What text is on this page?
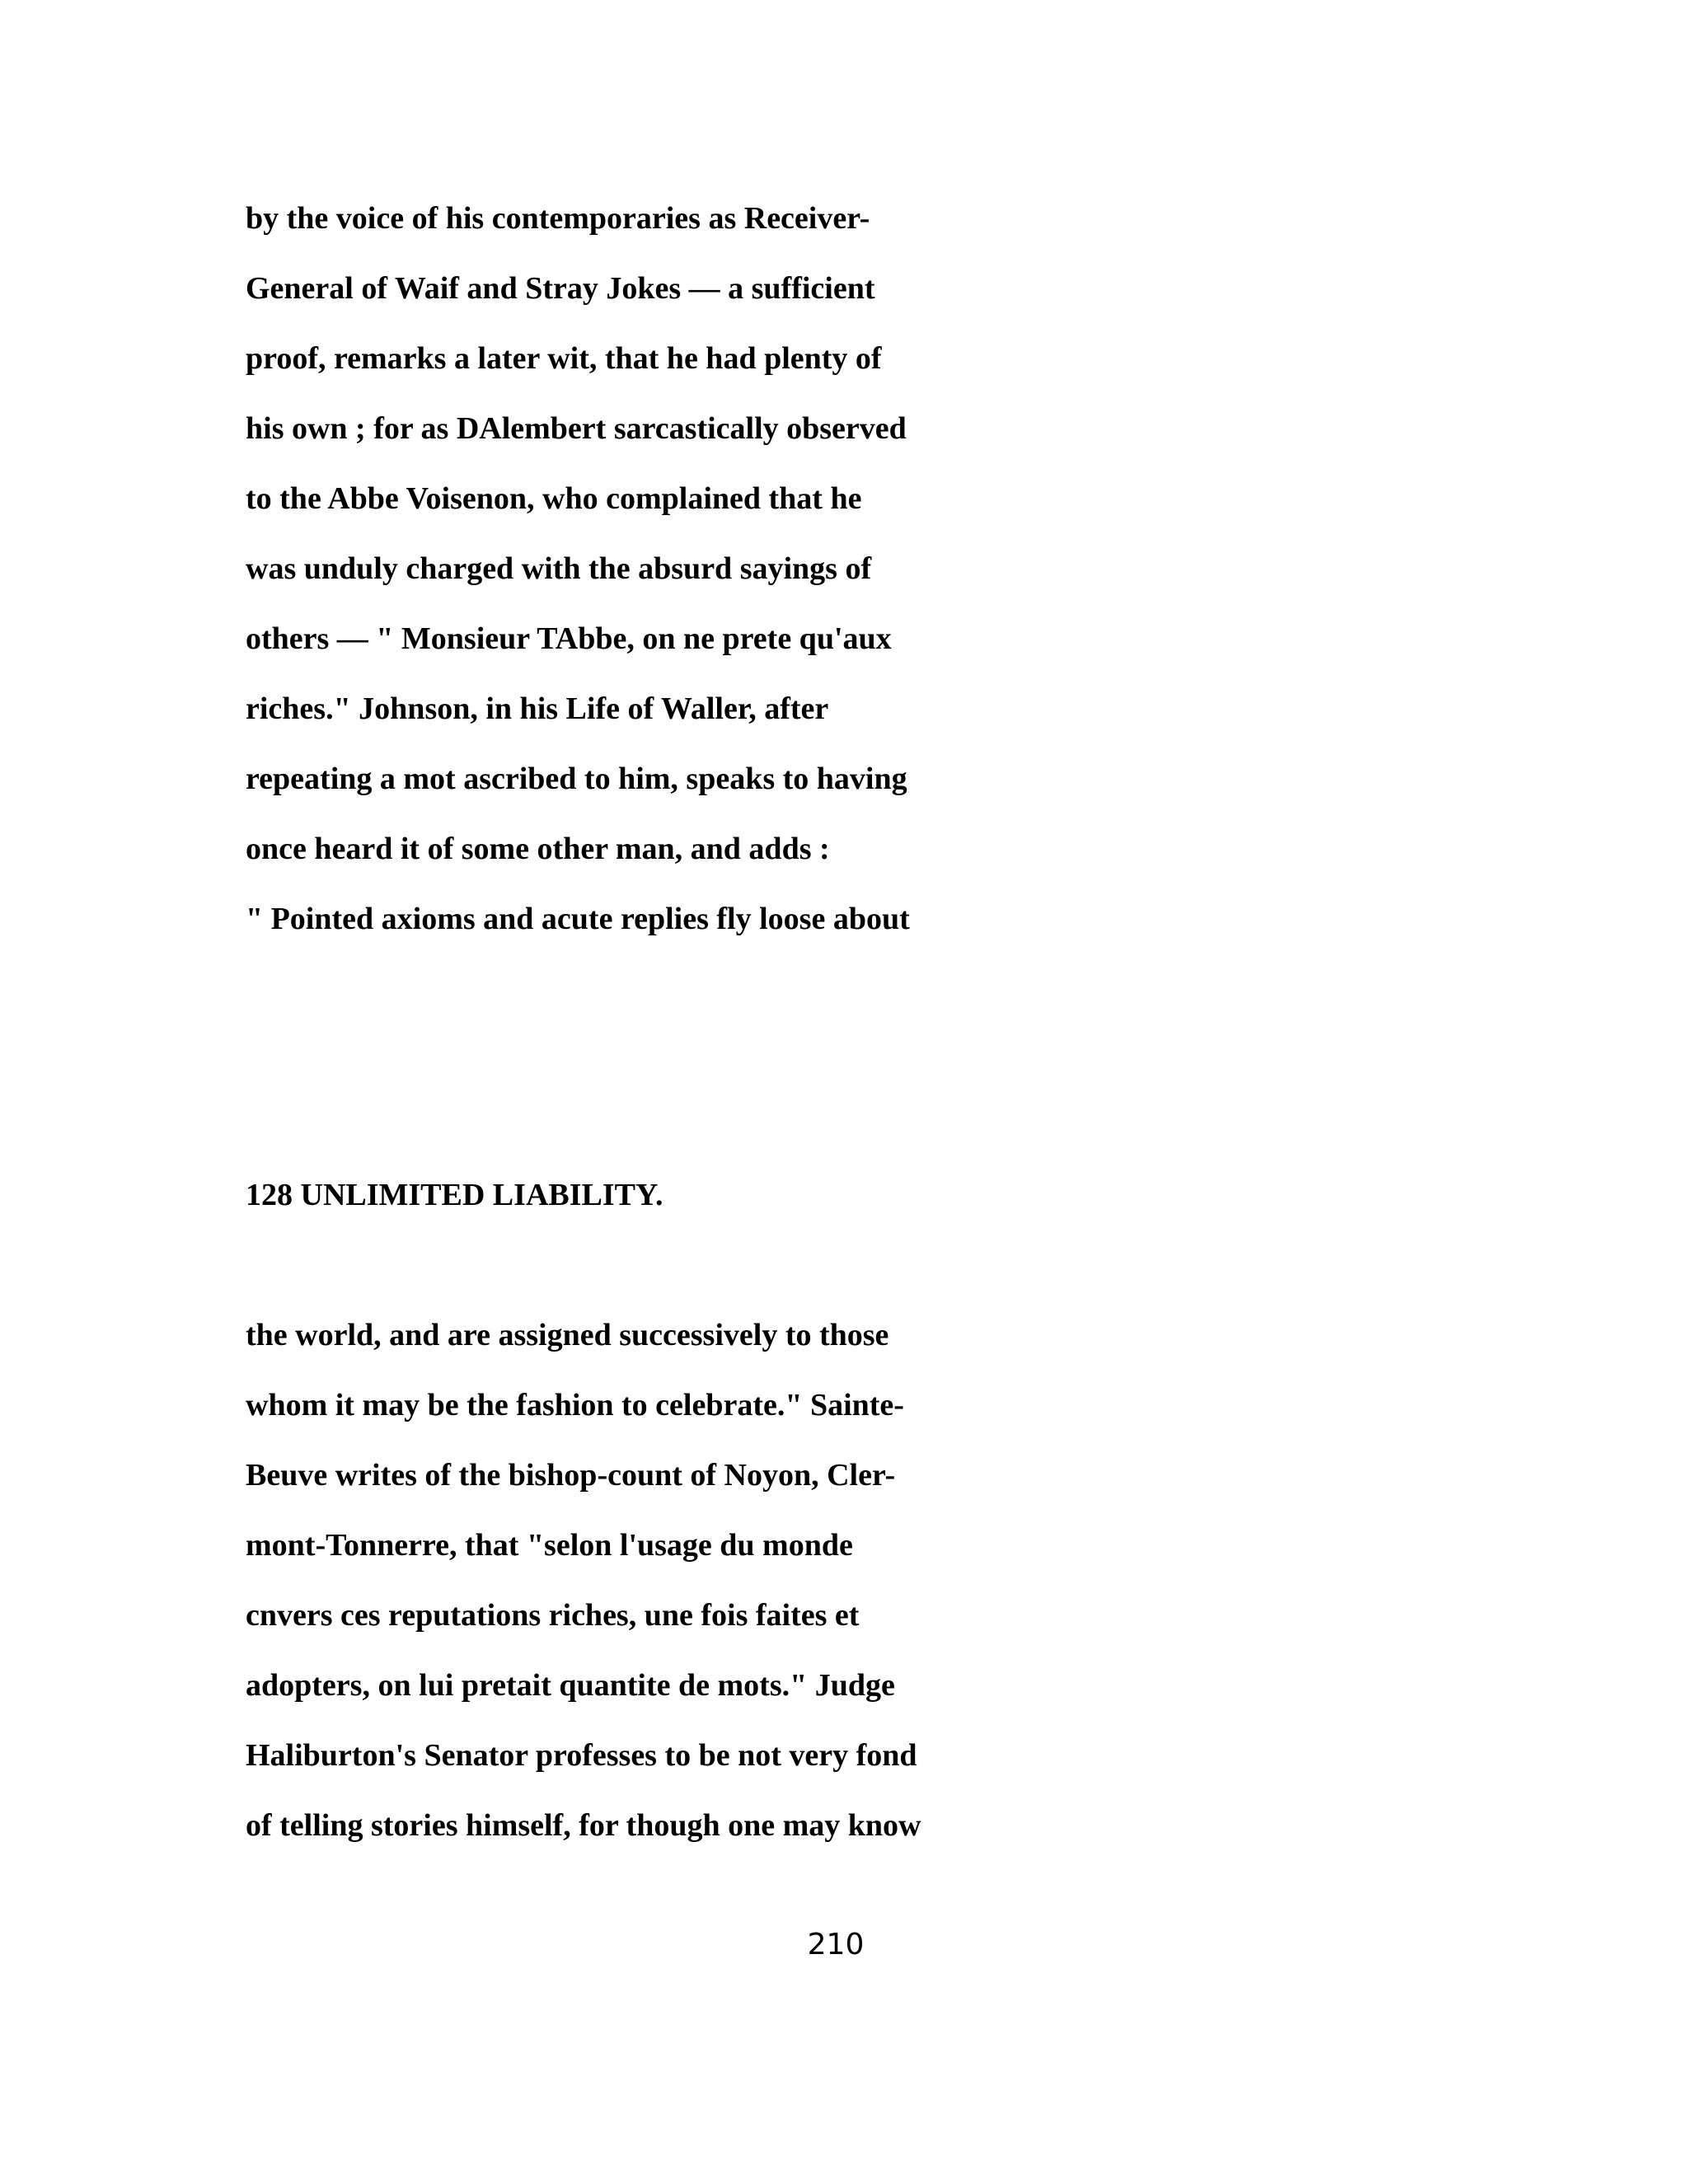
by the voice of his contemporaries as Receiver-
General of Waif and Stray Jokes — a sufficient
proof, remarks a later wit, that he had plenty of
his own ; for as DAlembert sarcastically observed
to the Abbe Voisenon, who complained that he
was unduly charged with the absurd sayings of
others — " Monsieur TAbbe, on ne prete qu'aux
riches." Johnson, in his Life of Waller, after
repeating a mot ascribed to him, speaks to having
once heard it of some other man, and adds :
" Pointed axioms and acute replies fly loose about
128 UNLIMITED LIABILITY.
the world, and are assigned successively to those
whom it may be the fashion to celebrate." Sainte-
Beuve writes of the bishop-count of Noyon, Cler-
mont-Tonnerre, that "selon l'usage du monde
cnvers ces reputations riches, une fois faites et
adopters, on lui pretait quantite de mots." Judge
Haliburton's Senator professes to be not very fond
of telling stories himself, for though one may know
210
